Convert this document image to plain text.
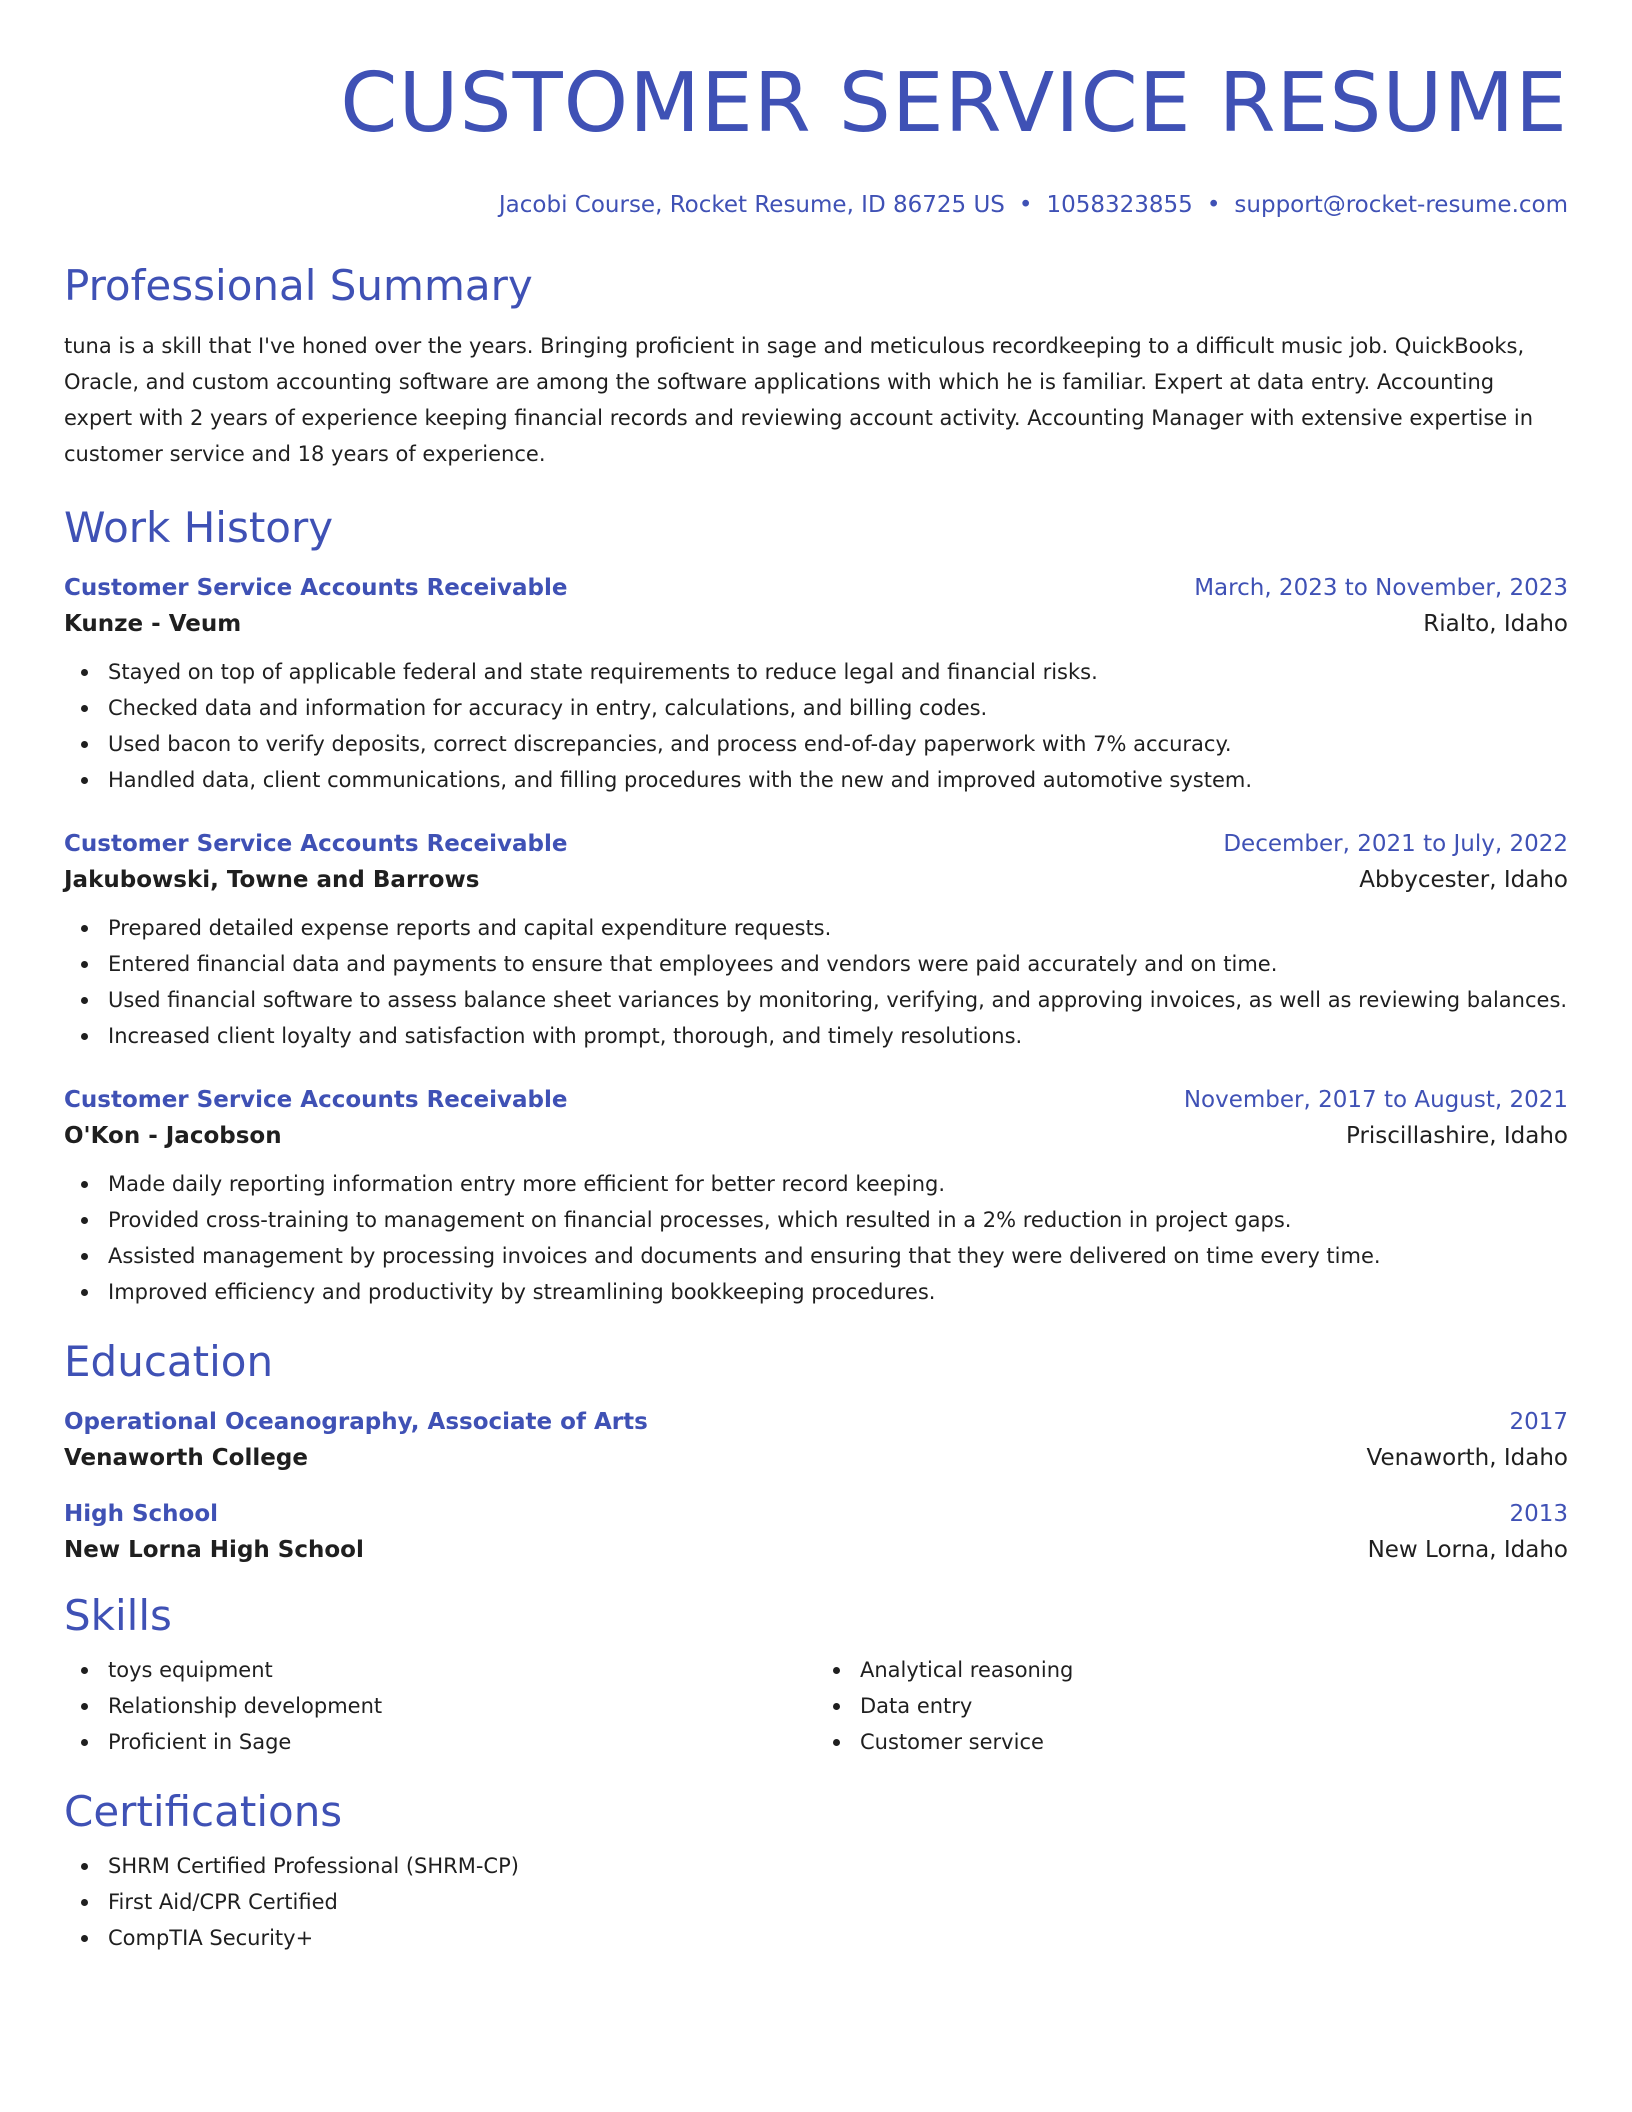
CUSTOMER SERVICE RESUME
Jacobi Course, Rocket Resume, ID 86725 US • 1058323855 • support@rocket-resume.com
Professional Summary
tuna is a skill that I've honed over the years. Bringing proficient in sage and meticulous recordkeeping to a difficult music job. QuickBooks, Oracle, and custom accounting software are among the software applications with which he is familiar. Expert at data entry. Accounting expert with 2 years of experience keeping financial records and reviewing account activity. Accounting Manager with extensive expertise in customer service and 18 years of experience.
Work History
Customer Service Accounts Receivable	March, 2023 to November, 2023
Kunze - Veum	Rialto, Idaho
Stayed on top of applicable federal and state requirements to reduce legal and financial risks.
Checked data and information for accuracy in entry, calculations, and billing codes.
Used bacon to verify deposits, correct discrepancies, and process end-of-day paperwork with 7% accuracy.
Handled data, client communications, and filling procedures with the new and improved automotive system.
Customer Service Accounts Receivable	December, 2021 to July, 2022
Jakubowski, Towne and Barrows	Abbycester, Idaho
Prepared detailed expense reports and capital expenditure requests.
Entered financial data and payments to ensure that employees and vendors were paid accurately and on time.
Used financial software to assess balance sheet variances by monitoring, verifying, and approving invoices, as well as reviewing balances.
Increased client loyalty and satisfaction with prompt, thorough, and timely resolutions.
Customer Service Accounts Receivable	November, 2017 to August, 2021
O'Kon - Jacobson	Priscillashire, Idaho
Made daily reporting information entry more efficient for better record keeping.
Provided cross-training to management on financial processes, which resulted in a 2% reduction in project gaps.
Assisted management by processing invoices and documents and ensuring that they were delivered on time every time.
Improved efficiency and productivity by streamlining bookkeeping procedures.
Education
Operational Oceanography, Associate of Arts	2017
Venaworth College	Venaworth, Idaho
High School	2013
New Lorna High School	New Lorna, Idaho
Skills
toys equipment
Relationship development
Proficient in Sage
Analytical reasoning
Data entry
Customer service
Certifications
SHRM Certified Professional (SHRM-CP)
First Aid/CPR Certified
CompTIA Security+
